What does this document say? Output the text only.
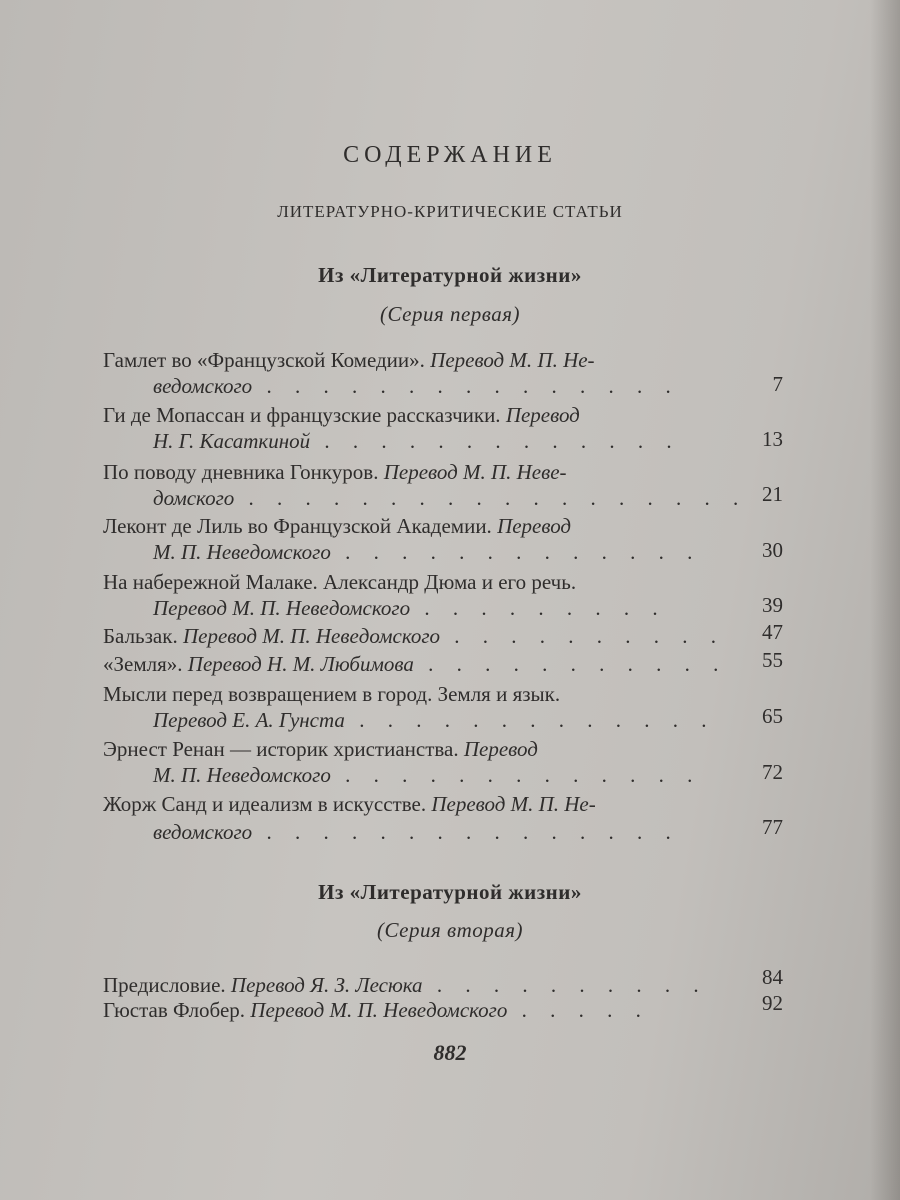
СОДЕРЖАНИЕ
ЛИТЕРАТУРНО-КРИТИЧЕСКИЕ СТАТЬИ
Из «Литературной жизни»
(Серия первая)
Гамлет во «Французской Комедии». Перевод М. П. Не-
ведомского . . . . . . . . . . . . . . .	7
Ги де Мопассан и французские рассказчики. Перевод
Н. Г. Касаткиной . . . . . . . . . . . . .	13
По поводу дневника Гонкуров. Перевод М. П. Невe-
домского . . . . . . . . . . . . . . . . . . 21
Леконт де Лиль во Французской Академии. Перевод
М. П. Невeдомского . . . . . . . . . . . . .	30
На набережной Малаке. Александр Дюма и его речь.
Перевод М. П. Невeдомского . . . . . . . . .	39
Бальзак. Перевод М. П. Невeдомского . . . . . . . . . .	47
«Земля». Перевод Н. М. Любимова . . . . . . . . . . .	55
Мысли перед возвращением в город. Земля и язык.
Перевод Е. А. Гунста . . . . . . . . . . . . .	65
Эрнест Ренан — историк христианства. Перевод
М. П. Невeдомского . . . . . . . . . . . . .	72
Жорж Санд и идеализм в искусстве. Перевод М. П. Не-
ведомского . . . . . . . . . . . . . . .	77
Из «Литературной жизни»
(Серия вторая)
Предисловие. Перевод Я. З. Лесюка . . . . . . . . . .	84
Гюстав Флобер. Перевод М. П. Невeдомского . . . . .	92
882
